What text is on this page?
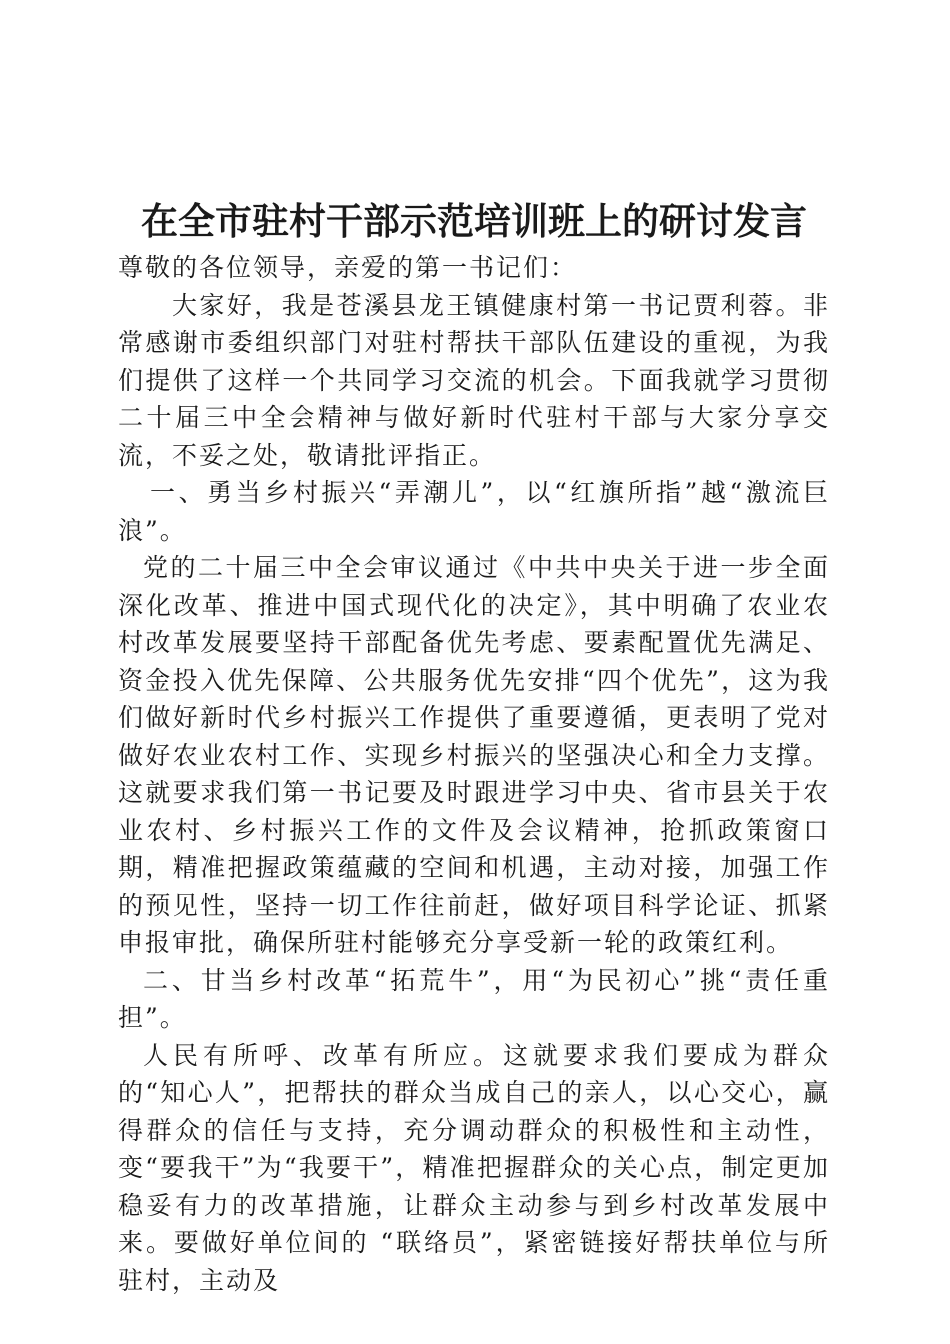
在全市驻村干部示范培训班上的研讨发言

尊敬的各位领导，亲爱的第一书记们：

大家好，我是苍溪县龙王镇健康村第一书记贾利蓉。非常感谢市委组织部门对驻村帮扶干部队伍建设的重视，为我们提供了这样一个共同学习交流的机会。下面我就学习贯彻二十届三中全会精神与做好新时代驻村干部与大家分享交流，不妥之处，敬请批评指正。

一、勇当乡村振兴“弄潮儿”，以“红旗所指”越“激流巨浪”。

党的二十届三中全会审议通过《中共中央关于进一步全面深化改革、推进中国式现代化的决定》，其中明确了农业农村改革发展要坚持干部配备优先考虑、要素配置优先满足、资金投入优先保障、公共服务优先安排“四个优先”，这为我们做好新时代乡村振兴工作提供了重要遵循，更表明了党对做好农业农村工作、实现乡村振兴的坚强决心和全力支撑。这就要求我们第一书记要及时跟进学习中央、省市县关于农业农村、乡村振兴工作的文件及会议精神，抢抓政策窗口期，精准把握政策蕴藏的空间和机遇，主动对接，加强工作的预见性，坚持一切工作往前赶，做好项目科学论证、抓紧申报审批，确保所驻村能够充分享受新一轮的政策红利。

二、甘当乡村改革“拓荒牛”，用“为民初心”挑“责任重担”。

人民有所呼、改革有所应。这就要求我们要成为群众的“知心人”，把帮扶的群众当成自己的亲人，以心交心，赢得群众的信任与支持，充分调动群众的积极性和主动性，变“要我干”为“我要干”，精准把握群众的关心点，制定更加稳妥有力的改革措施，让群众主动参与到乡村改革发展中来。要做好单位间的 “联络员”，紧密链接好帮扶单位与所驻村，主动及
